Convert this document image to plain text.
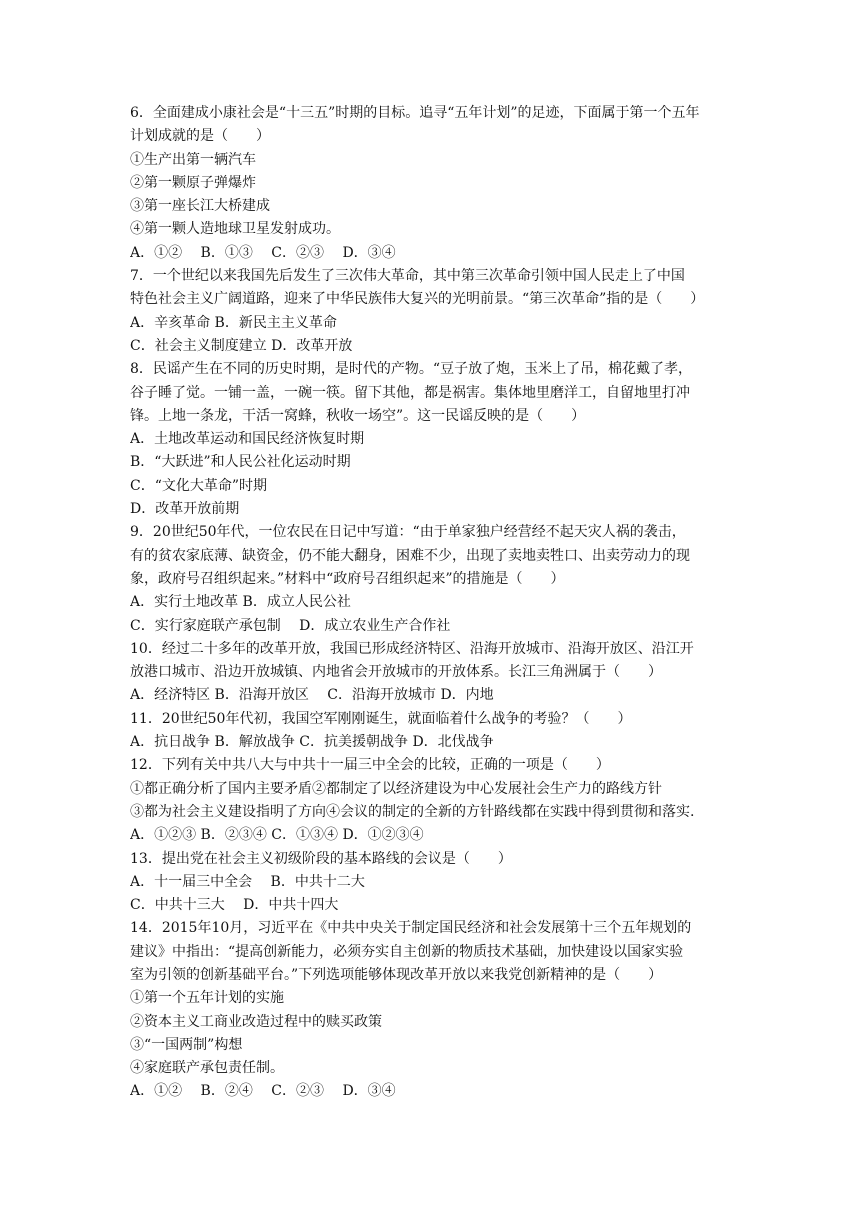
6．全面建成小康社会是“十三五”时期的目标。追寻“五年计划”的足迹，下面属于第一个五年
计划成就的是（　　）
①生产出第一辆汽车
②第一颗原子弹爆炸
③第一座长江大桥建成
④第一颗人造地球卫星发射成功。
A．①②　 B．①③　 C．②③　 D．③④
7．一个世纪以来我国先后发生了三次伟大革命，其中第三次革命引领中国人民走上了中国
特色社会主义广阔道路，迎来了中华民族伟大复兴的光明前景。“第三次革命”指的是（　　）
A．辛亥革命 B．新民主主义革命
C．社会主义制度建立 D．改革开放
8．民谣产生在不同的历史时期，是时代的产物。“豆子放了炮，玉米上了吊，棉花戴了孝，
谷子睡了觉。一铺一盖，一碗一筷。留下其他，都是祸害。集体地里磨洋工，自留地里打冲
锋。上地一条龙，干活一窝蜂，秋收一场空”。这一民谣反映的是（　　）
A．土地改革运动和国民经济恢复时期
B．“大跃进”和人民公社化运动时期
C．“文化大革命”时期
D．改革开放前期
9．20世纪50年代，一位农民在日记中写道：“由于单家独户经营经不起天灾人祸的袭击，
有的贫农家底薄、缺资金，仍不能大翻身，困难不少，出现了卖地卖牲口、出卖劳动力的现
象，政府号召组织起来。”材料中“政府号召组织起来”的措施是（　　）
A．实行土地改革 B．成立人民公社
C．实行家庭联产承包制　 D．成立农业生产合作社
10．经过二十多年的改革开放，我国已形成经济特区、沿海开放城市、沿海开放区、沿江开
放港口城市、沿边开放城镇、内地省会开放城市的开放体系。长江三角洲属于（　　）
A．经济特区 B．沿海开放区　 C．沿海开放城市 D．内地
11．20世纪50年代初，我国空军刚刚诞生，就面临着什么战争的考验？（　　）
A．抗日战争 B．解放战争 C．抗美援朝战争 D．北伐战争
12．下列有关中共八大与中共十一届三中全会的比较，正确的一项是（　　）
①都正确分析了国内主要矛盾②都制定了以经济建设为中心发展社会生产力的路线方针
③都为社会主义建设指明了方向④会议的制定的全新的方针路线都在实践中得到贯彻和落实.
A．①②③ B．②③④ C．①③④ D．①②③④
13．提出党在社会主义初级阶段的基本路线的会议是（　　）
A．十一届三中全会　 B．中共十二大
C．中共十三大　 D．中共十四大
14．2015年10月，习近平在《中共中央关于制定国民经济和社会发展第十三个五年规划的
建议》中指出：“提高创新能力，必须夯实自主创新的物质技术基础，加快建设以国家实验
室为引领的创新基础平台。”下列选项能够体现改革开放以来我党创新精神的是（　　）
①第一个五年计划的实施
②资本主义工商业改造过程中的赎买政策
③“一国两制”构想
④家庭联产承包责任制。
A．①②　 B．②④　 C．②③　 D．③④
